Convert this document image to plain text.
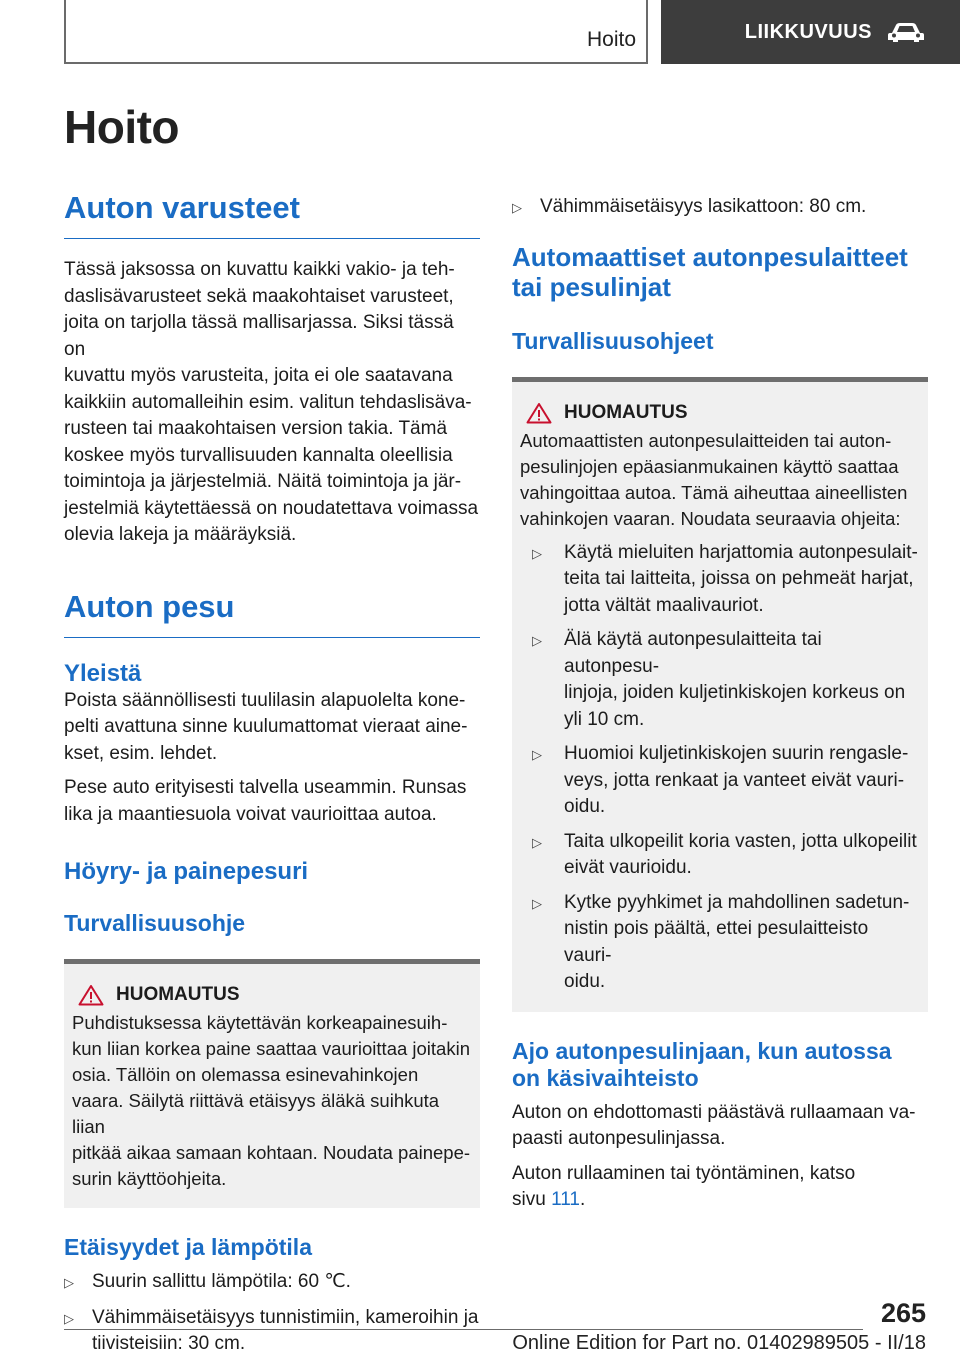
Hoito	LIIKKUVUUS
Hoito
Auton varusteet

Tässä jaksossa on kuvattu kaikki vakio- ja teh‐
daslisävarusteet sekä maakohtaiset varusteet,
joita on tarjolla tässä mallisarjassa. Siksi tässä on
kuvattu myös varusteita, joita ei ole saatavana
kaikkiin automalleihin esim. valitun tehdaslisäva‐
rusteen tai maakohtaisen version takia. Tämä
koskee myös turvallisuuden kannalta oleellisia
toimintoja ja järjestelmiä. Näitä toimintoja ja jär‐
jestelmiä käytettäessä on noudatettava voimassa
olevia lakeja ja määräyksiä.

Auton pesu
Yleistä

Poista säännöllisesti tuulilasin alapuolelta kone‐
pelti avattuna sinne kuulumattomat vieraat aine‐
kset, esim. lehdet.

Pese auto erityisesti talvella useammin. Runsas
lika ja maantiesuola voivat vaurioittaa autoa.

Höyry- ja painepesuri
Turvallisuusohje
HUOMAUTUS

Puhdistuksessa käytettävän korkeapainesuih‐
kun liian korkea paine saattaa vaurioittaa joitakin
osia. Tällöin on olemassa esinevahinkojen
vaara. Säilytä riittävä etäisyys äläkä suihkuta liian
pitkää aikaa samaan kohtaan. Noudata painepe‐
surin käyttöohjeita.

Etäisyydet ja lämpötila
▷ Suurin sallittu lämpötila: 60 ℃.
▷ Vähimmäisetäisyys tunnistimiin, kameroihin ja
tiivisteisiin: 30 cm.
▷ Vähimmäisetäisyys lasikattoon: 80 cm.
Automaattiset autonpesulaitteet
tai pesulinjat
Turvallisuusohjeet
HUOMAUTUS

Automaattisten autonpesulaitteiden tai auton‐
pesulinjojen epäasianmukainen käyttö saattaa
vahingoittaa autoa. Tämä aiheuttaa aineellisten
vahinkojen vaaran. Noudata seuraavia ohjeita:

▷	Käytä mieluiten harjattomia autonpesulait‐
teita tai laitteita, joissa on pehmeät harjat,
jotta vältät maalivauriot.
▷	Älä käytä autonpesulaitteita tai autonpesu‐
linjoja, joiden kuljetinkiskojen korkeus on
yli 10 cm.
▷	Huomioi kuljetinkiskojen suurin rengasle‐
veys, jotta renkaat ja vanteet eivät vauri‐
oidu.
▷	Taita ulkopeilit koria vasten, jotta ulkopeilit
eivät vaurioidu.
▷	Kytke pyyhkimet ja mahdollinen sadetun‐
nistin pois päältä, ettei pesulaitteisto vauri‐
oidu.
Ajo autonpesulinjaan, kun autossa
on käsivaihteisto

Auton on ehdottomasti päästävä rullaamaan va‐
paasti autonpesulinjassa.

Auton rullaaminen tai työntäminen, katso
sivu 111.

265
Online Edition for Part no. 01402989505 - II/18
